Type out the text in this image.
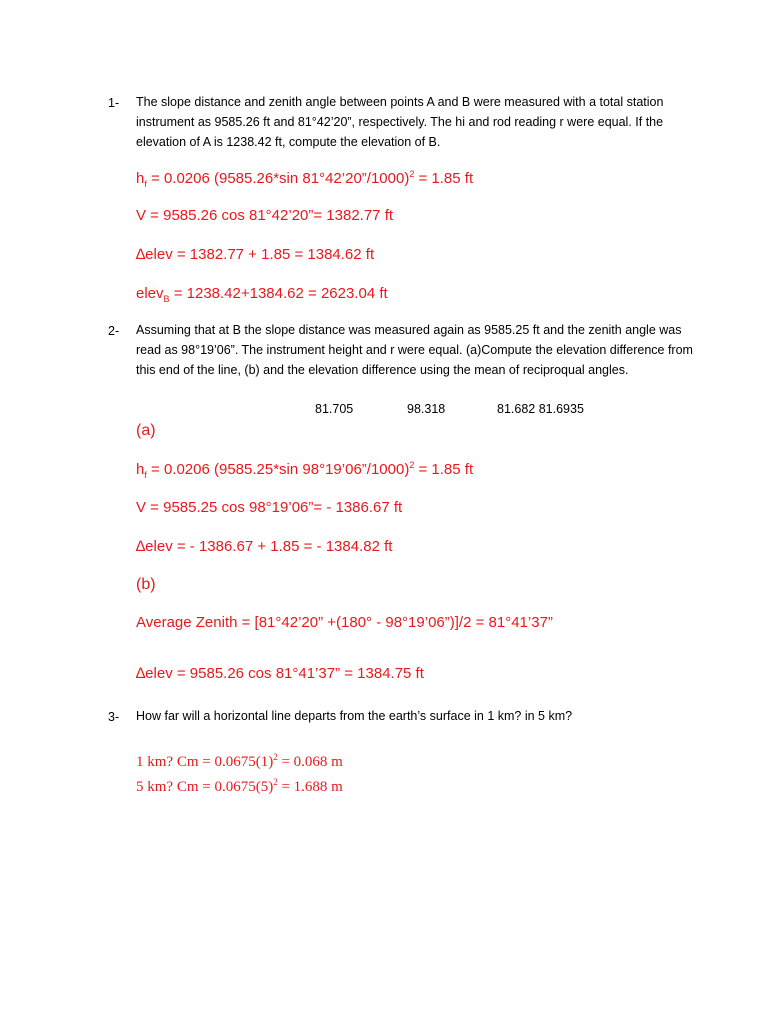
1- The slope distance and zenith angle between points A and B were measured with a total station instrument as 9585.26 ft and 81°42’20”, respectively. The hi and rod reading r were equal. If the elevation of A is 1238.42 ft, compute the elevation of B.
$h_f = 0.0206$ (9585.26*sin 81°42’20”/1000)$^2$ = 1.85 ft
V = 9585.26 cos 81°42’20”= 1382.77 ft
∆elev = 1382.77 + 1.85 = 1384.62 ft
elev$_B$ = 1238.42+1384.62 = 2623.04 ft
2- Assuming that at B the slope distance was measured again as 9585.25 ft and the zenith angle was read as 98°19’06”. The instrument height and r were equal. (a)Compute the elevation difference from this end of the line, (b) and the elevation difference using the mean of reciproqual angles.
81.705	98.318	81.682 81.6935
(a)
$h_f = 0.0206$ (9585.25*sin 98°19’06”/1000)$^2$ = 1.85 ft
V = 9585.25 cos 98°19’06”= - 1386.67 ft
∆elev = - 1386.67 + 1.85 = - 1384.82 ft
(b)
Average Zenith = [81°42’20” +(180° - 98°19’06”)]/2 = 81°41’37”
∆elev = 9585.26 cos 81°41’37” = 1384.75 ft
3- How far will a horizontal line departs from the earth’s surface in 1 km? in 5 km?
1 km? $Cm = 0.0675(1)^2 = 0.068$ m
5 km? $Cm = 0.0675(5)^2 = 1.688$ m
